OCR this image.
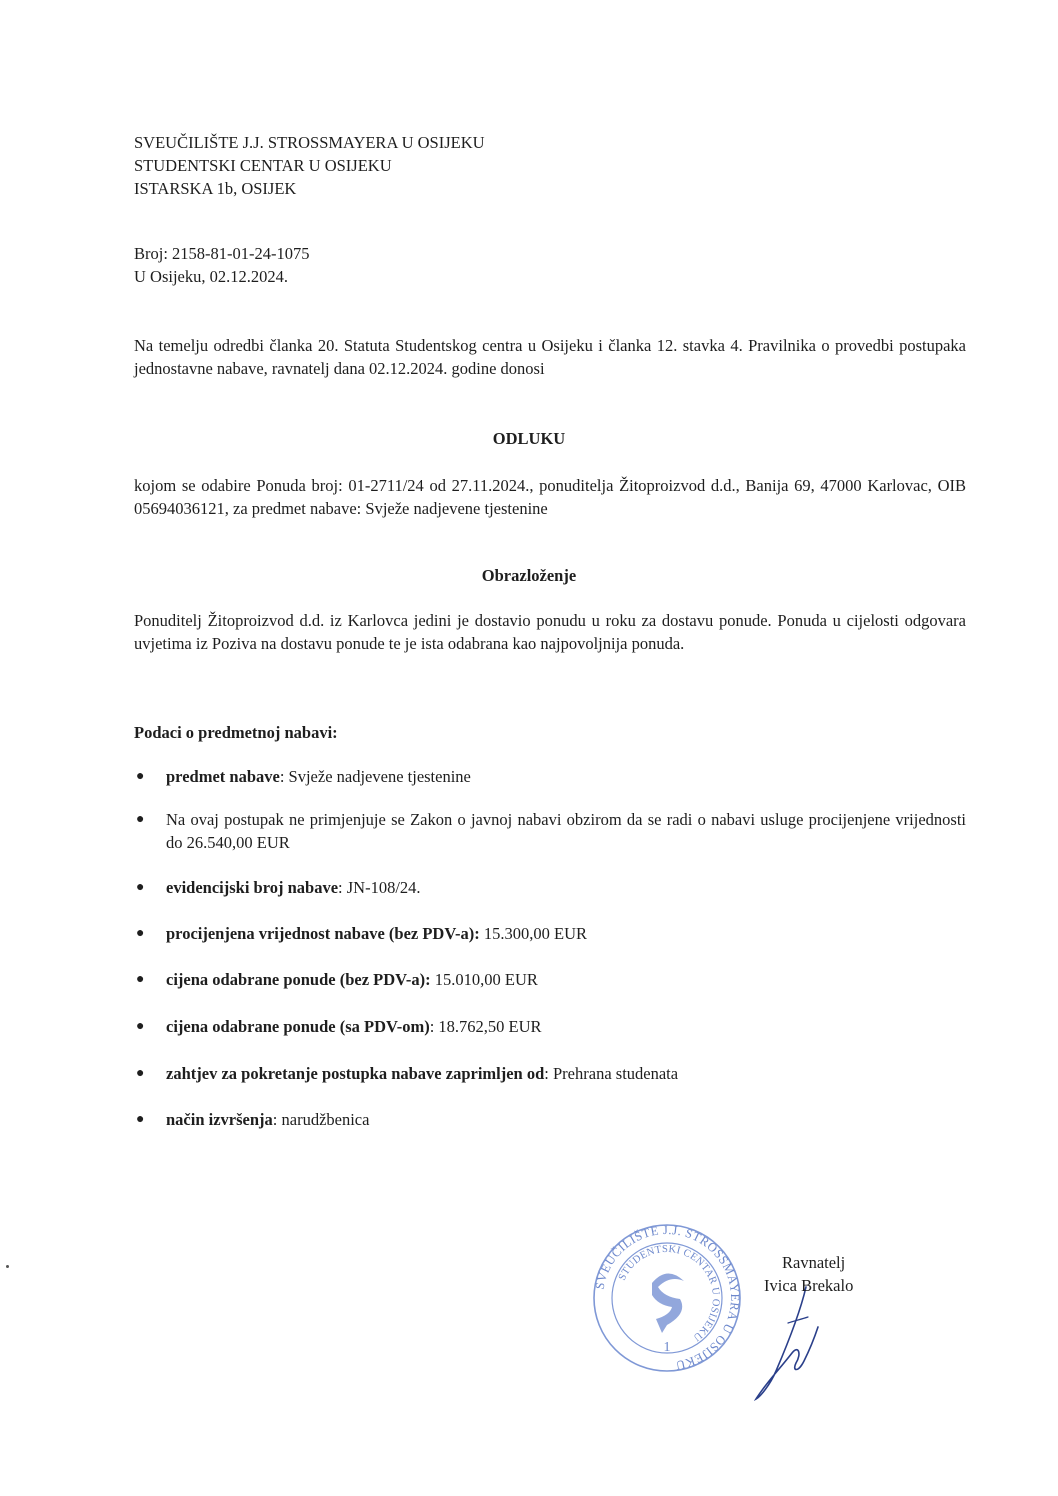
SVEUČILIŠTE J.J. STROSSMAYERA U OSIJEKU
STUDENTSKI CENTAR U OSIJEKU
ISTARSKA 1b, OSIJEK
Broj: 2158-81-01-24-1075
U Osijeku, 02.12.2024.
Na temelju odredbi članka 20. Statuta Studentskog centra u Osijeku i članka 12. stavka 4. Pravilnika o provedbi postupaka jednostavne nabave, ravnatelj dana 02.12.2024. godine donosi
ODLUKU
kojom se odabire Ponuda broj: 01-2711/24 od 27.11.2024., ponuditelja Žitoproizvod d.d., Banija 69, 47000 Karlovac, OIB 05694036121, za predmet nabave: Svježe nadjevene tjestenine
Obrazloženje
Ponuditelj Žitoproizvod d.d. iz Karlovca jedini je dostavio ponudu u roku za dostavu ponude. Ponuda u cijelosti odgovara uvjetima iz Poziva na dostavu ponude te je ista odabrana kao najpovoljnija ponuda.
Podaci o predmetnoj nabavi:
● predmet nabave: Svježe nadjevene tjestenine
● Na ovaj postupak ne primjenjuje se Zakon o javnoj nabavi obzirom da se radi o nabavi usluge procijenjene vrijednosti do 26.540,00 EUR
● evidencijski broj nabave: JN-108/24.
● procijenjena vrijednost nabave (bez PDV-a): 15.300,00 EUR
● cijena odabrane ponude (bez PDV-a): 15.010,00 EUR
● cijena odabrane ponude (sa PDV-om): 18.762,50 EUR
● zahtjev za pokretanje postupka nabave zaprimljen od: Prehrana studenata
● način izvršenja: narudžbenica
SVEUČILIŠTE J.J. STROSSMAYERA U OSIJEKU
STUDENTSKI CENTAR U OSIJEKU
1
Ravnatelj
Ivica Brekalo
